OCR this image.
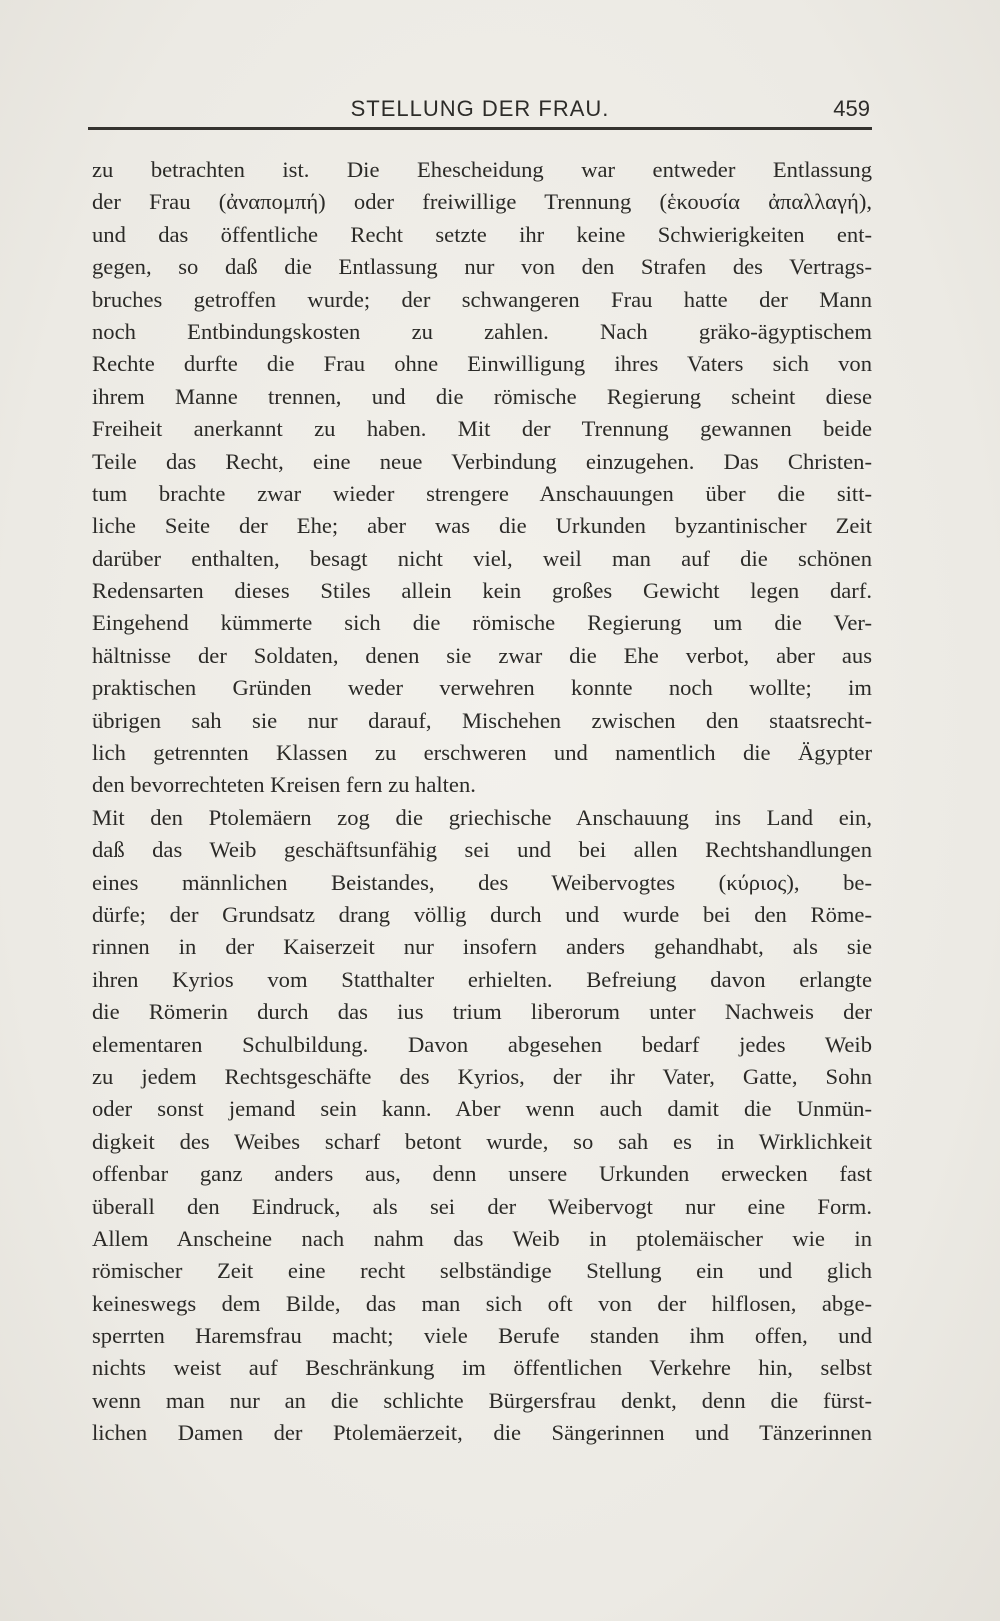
STELLUNG DER FRAU.	459
zu betrachten ist. Die Ehescheidung war entweder Entlassung
der Frau (ἀναπομπή) oder freiwillige Trennung (ἑκουσία ἀπαλλαγή),
und das öffentliche Recht setzte ihr keine Schwierigkeiten ent-
gegen, so daß die Entlassung nur von den Strafen des Vertrags-
bruches getroffen wurde; der schwangeren Frau hatte der Mann
noch Entbindungskosten zu zahlen. Nach gräko-ägyptischem
Rechte durfte die Frau ohne Einwilligung ihres Vaters sich von
ihrem Manne trennen, und die römische Regierung scheint diese
Freiheit anerkannt zu haben. Mit der Trennung gewannen beide
Teile das Recht, eine neue Verbindung einzugehen. Das Christen-
tum brachte zwar wieder strengere Anschauungen über die sitt-
liche Seite der Ehe; aber was die Urkunden byzantinischer Zeit
darüber enthalten, besagt nicht viel, weil man auf die schönen
Redensarten dieses Stiles allein kein großes Gewicht legen darf.
Eingehend kümmerte sich die römische Regierung um die Ver-
hältnisse der Soldaten, denen sie zwar die Ehe verbot, aber aus
praktischen Gründen weder verwehren konnte noch wollte; im
übrigen sah sie nur darauf, Mischehen zwischen den staatsrecht-
lich getrennten Klassen zu erschweren und namentlich die Ägypter
den bevorrechteten Kreisen fern zu halten.
Mit den Ptolemäern zog die griechische Anschauung ins Land ein,
daß das Weib geschäftsunfähig sei und bei allen Rechtshandlungen
eines männlichen Beistandes, des Weibervogtes (κύριος), be-
dürfe; der Grundsatz drang völlig durch und wurde bei den Röme-
rinnen in der Kaiserzeit nur insofern anders gehandhabt, als sie
ihren Kyrios vom Statthalter erhielten. Befreiung davon erlangte
die Römerin durch das ius trium liberorum unter Nachweis der
elementaren Schulbildung. Davon abgesehen bedarf jedes Weib
zu jedem Rechtsgeschäfte des Kyrios, der ihr Vater, Gatte, Sohn
oder sonst jemand sein kann. Aber wenn auch damit die Unmün-
digkeit des Weibes scharf betont wurde, so sah es in Wirklichkeit
offenbar ganz anders aus, denn unsere Urkunden erwecken fast
überall den Eindruck, als sei der Weibervogt nur eine Form.
Allem Anscheine nach nahm das Weib in ptolemäischer wie in
römischer Zeit eine recht selbständige Stellung ein und glich
keineswegs dem Bilde, das man sich oft von der hilflosen, abge-
sperrten Haremsfrau macht; viele Berufe standen ihm offen, und
nichts weist auf Beschränkung im öffentlichen Verkehre hin, selbst
wenn man nur an die schlichte Bürgersfrau denkt, denn die fürst-
lichen Damen der Ptolemäerzeit, die Sängerinnen und Tänzerinnen
